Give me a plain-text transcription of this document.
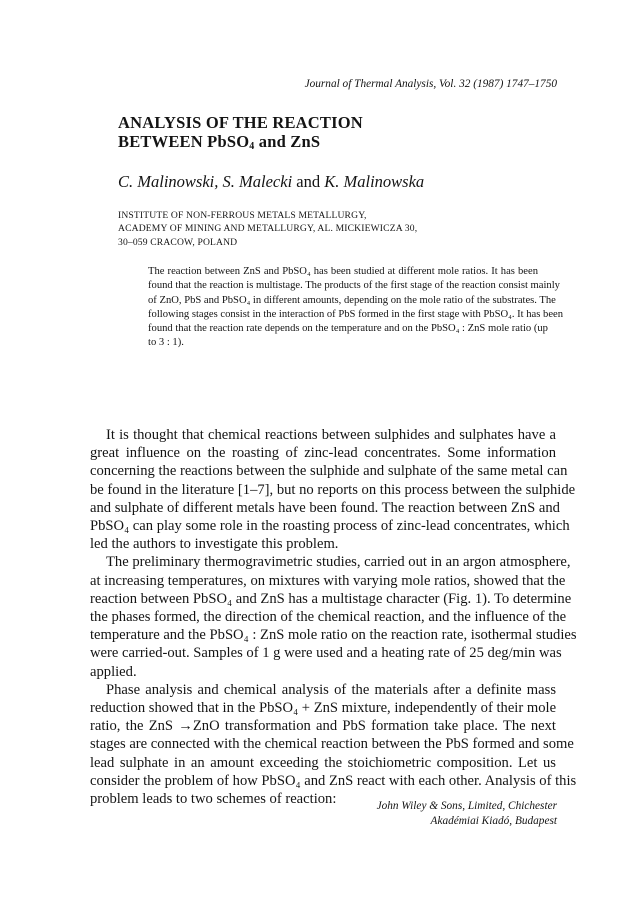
Journal of Thermal Analysis, Vol. 32 (1987) 1747–1750
ANALYSIS OF THE REACTION
BETWEEN PbSO$_4$ and ZnS
C. Malinowski, S. Malecki and K. Malinowska
INSTITUTE OF NON-FERROUS METALS METALLURGY,
ACADEMY OF MINING AND METALLURGY, AL. MICKIEWICZA 30,
30–059 CRACOW, POLAND
The reaction between ZnS and PbSO₄ has been studied at different mole ratios. It has been
found that the reaction is multistage. The products of the first stage of the reaction consist mainly
of ZnO, PbS and PbSO₄ in different amounts, depending on the mole ratio of the substrates. The
following stages consist in the interaction of PbS formed in the first stage with PbSO₄. It has been
found that the reaction rate depends on the temperature and on the PbSO₄ : ZnS mole ratio (up
to 3 : 1).
It is thought that chemical reactions between sulphides and sulphates have a
great influence on the roasting of zinc-lead concentrates. Some information
concerning the reactions between the sulphide and sulphate of the same metal can
be found in the literature [1–7], but no reports on this process between the sulphide
and sulphate of different metals have been found. The reaction between ZnS and
PbSO₄ can play some role in the roasting process of zinc-lead concentrates, which
led the authors to investigate this problem.
The preliminary thermogravimetric studies, carried out in an argon atmosphere,
at increasing temperatures, on mixtures with varying mole ratios, showed that the
reaction between PbSO₄ and ZnS has a multistage character (Fig. 1). To determine
the phases formed, the direction of the chemical reaction, and the influence of the
temperature and the PbSO₄ : ZnS mole ratio on the reaction rate, isothermal studies
were carried-out. Samples of 1 g were used and a heating rate of 25 deg/min was
applied.
Phase analysis and chemical analysis of the materials after a definite mass
reduction showed that in the PbSO₄ + ZnS mixture, independently of their mole
ratio, the ZnS →ZnO transformation and PbS formation take place. The next
stages are connected with the chemical reaction between the PbS formed and some
lead sulphate in an amount exceeding the stoichiometric composition. Let us
consider the problem of how PbSO₄ and ZnS react with each other. Analysis of this
problem leads to two schemes of reaction:	John Wiley & Sons, Limited, Chichester
Akadémiai Kiadó, Budapest
